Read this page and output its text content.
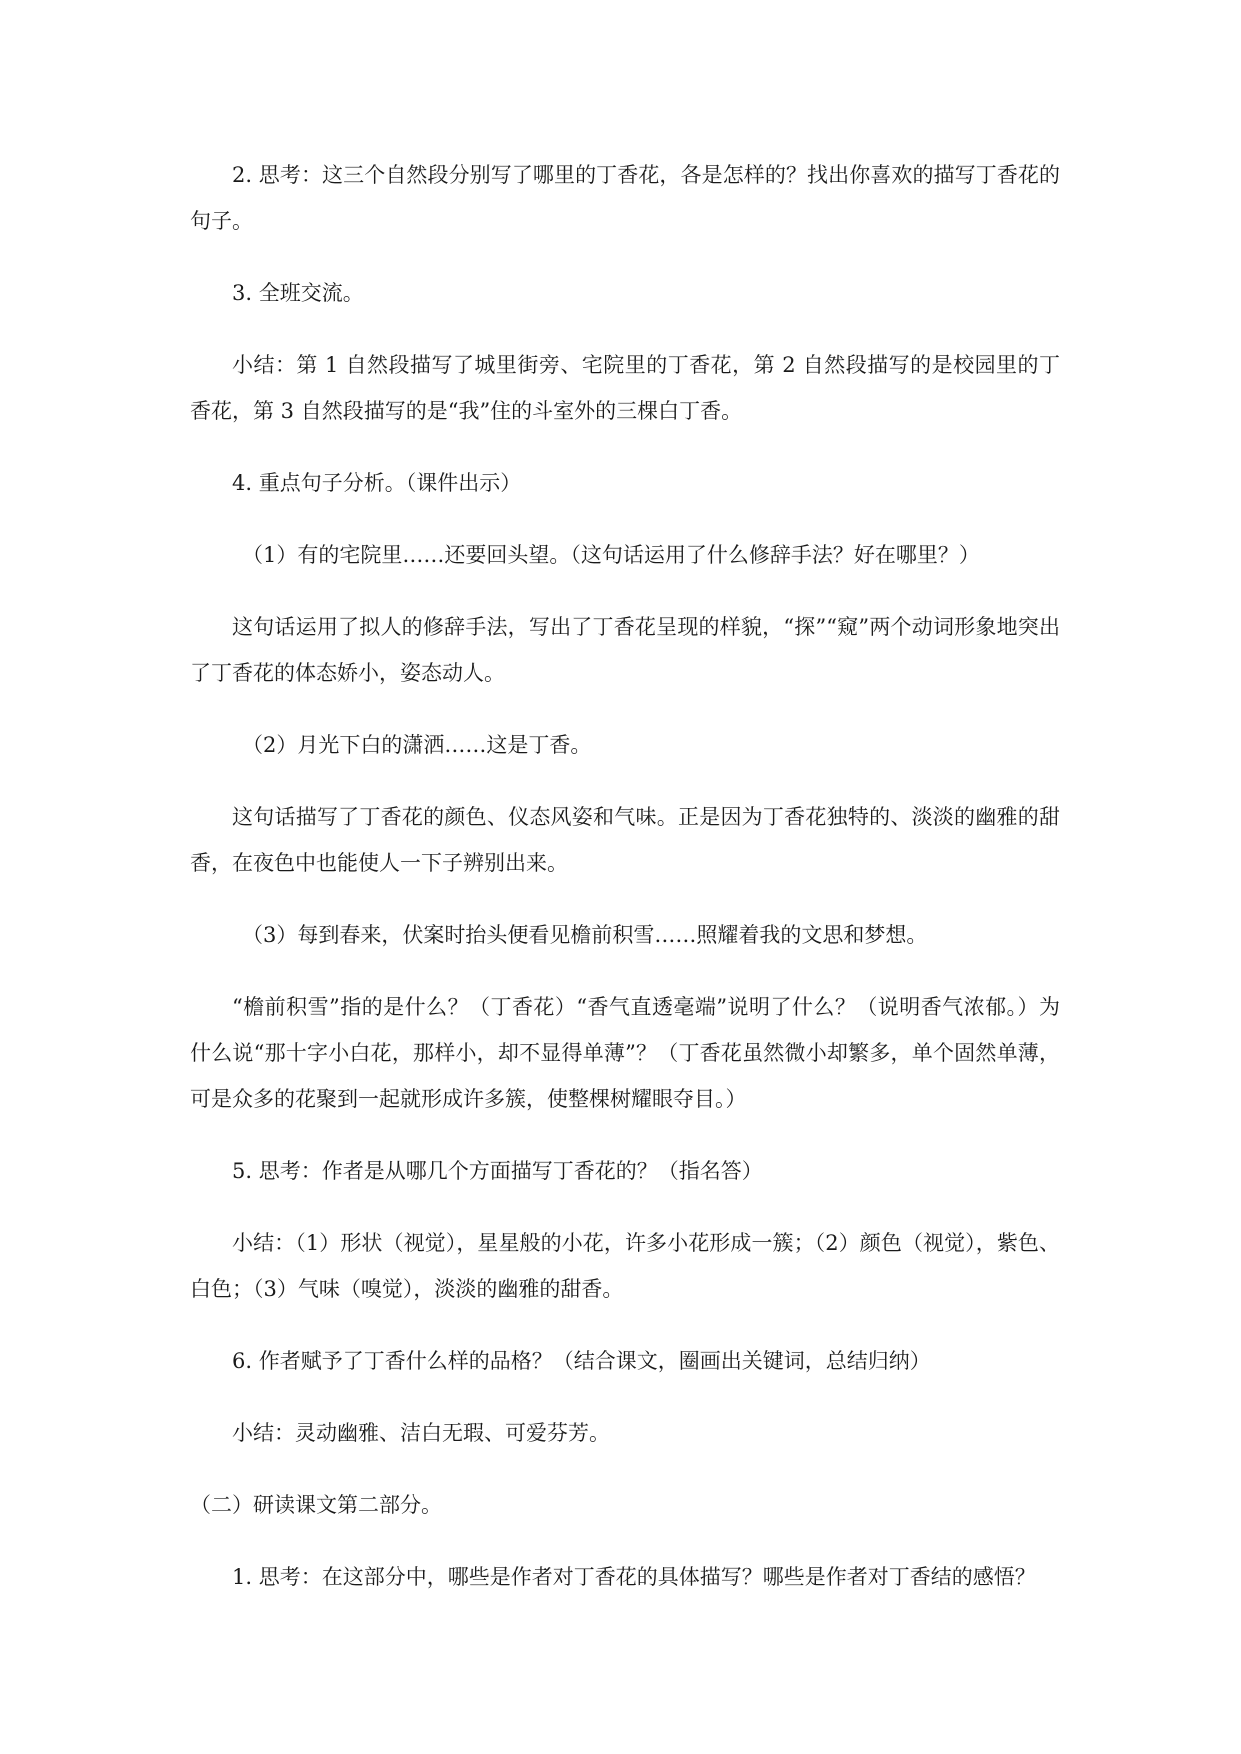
2. 思考：这三个自然段分别写了哪里的丁香花，各是怎样的？找出你喜欢的描写丁香花的句子。

3. 全班交流。

小结：第 1 自然段描写了城里街旁、宅院里的丁香花，第 2 自然段描写的是校园里的丁香花，第 3 自然段描写的是“我”住的斗室外的三棵白丁香。

4. 重点句子分析。（课件出示）

（1）有的宅院里……还要回头望。（这句话运用了什么修辞手法？好在哪里？）

这句话运用了拟人的修辞手法，写出了丁香花呈现的样貌，“探”“窥”两个动词形象地突出了丁香花的体态娇小，姿态动人。

（2）月光下白的潇洒……这是丁香。

这句话描写了丁香花的颜色、仪态风姿和气味。正是因为丁香花独特的、淡淡的幽雅的甜香，在夜色中也能使人一下子辨别出来。

（3）每到春来，伏案时抬头便看见檐前积雪……照耀着我的文思和梦想。

“檐前积雪”指的是什么？（丁香花）“香气直透毫端”说明了什么？（说明香气浓郁。）为什么说“那十字小白花，那样小，却不显得单薄”？（丁香花虽然微小却繁多，单个固然单薄，可是众多的花聚到一起就形成许多簇，使整棵树耀眼夺目。）

5. 思考：作者是从哪几个方面描写丁香花的？（指名答）

小结：（1）形状（视觉），星星般的小花，许多小花形成一簇；（2）颜色（视觉），紫色、白色；（3）气味（嗅觉），淡淡的幽雅的甜香。

6. 作者赋予了丁香什么样的品格？（结合课文，圈画出关键词，总结归纳）

小结：灵动幽雅、洁白无瑕、可爱芬芳。

（二）研读课文第二部分。

1. 思考：在这部分中，哪些是作者对丁香花的具体描写？哪些是作者对丁香结的感悟？
